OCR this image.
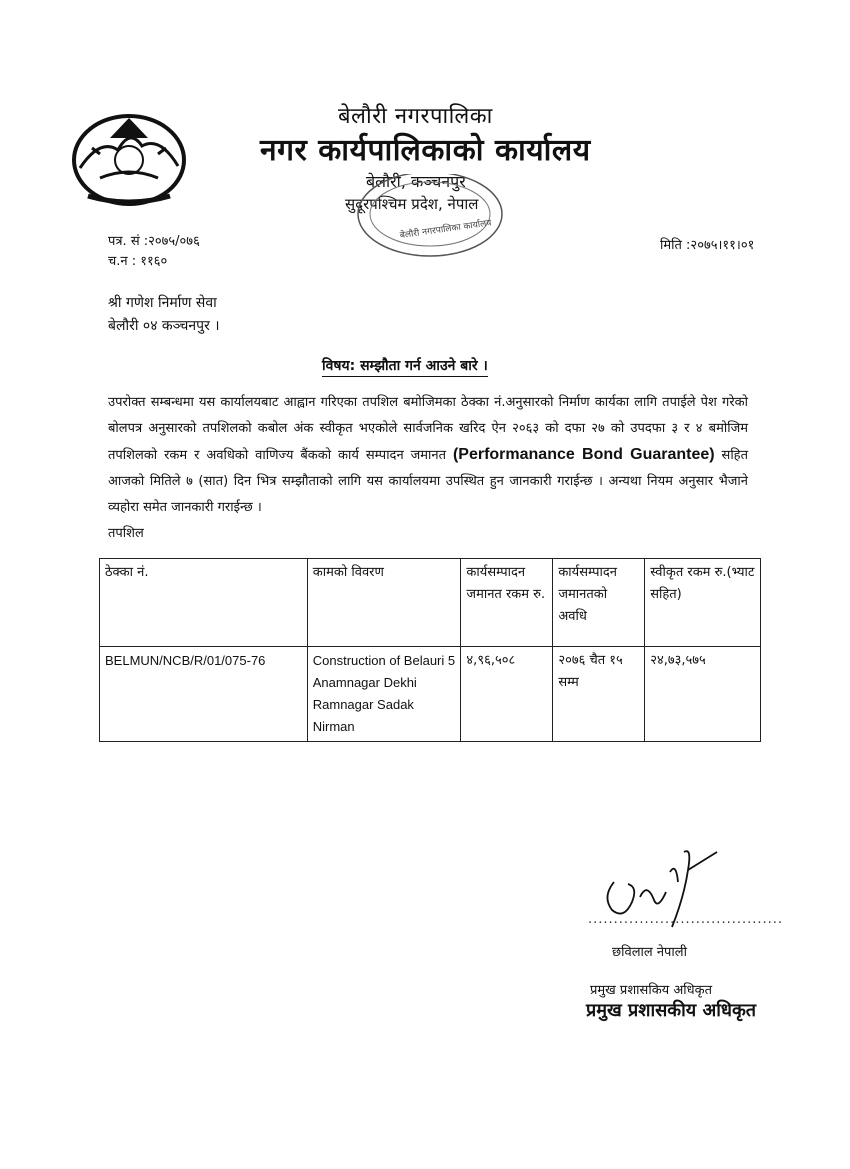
बेलौरी नगरपालिका
नगर कार्यपालिकाको कार्यालय
बेलौरी, कञ्चनपुर
सुदूरपश्चिम प्रदेश, नेपाल
बेलौरी नगरपालिका कार्यालय
पत्र. सं :२०७५/०७६
च.न : ११६०
मिति :२०७५।११।०१
श्री गणेश निर्माण सेवा
बेलौरी ०४ कञ्चनपुर ।
विषय: सम्झौता गर्न आउने बारे ।
उपरोक्त सम्बन्धमा यस कार्यालयबाट आह्वान गरिएका तपशिल बमोजिमका ठेक्का नं.अनुसारको निर्माण कार्यका लागि तपाईले पेश गरेको बोलपत्र अनुसारको तपशिलको कबोल अंक स्वीकृत भएकोले सार्वजनिक खरिद ऐन २०६३ को दफा २७ को उपदफा ३ र ४ बमोजिम तपशिलको रकम र अवधिको वाणिज्य बैंकको कार्य सम्पादन जमानत (Performanance Bond Guarantee) सहित आजको मितिले ७ (सात) दिन भित्र सम्झौताको लागि यस कार्यालयमा उपस्थित हुन जानकारी गराईन्छ । अन्यथा नियम अनुसार भैजाने व्यहोरा समेत जानकारी गराईन्छ ।
तपशिल
ठेक्का नं.	कामको विवरण	कार्यसम्पादन जमानत रकम रु.	कार्यसम्पादन जमानतको अवधि	स्वीकृत रकम रु.(भ्याट सहित)
BELMUN/NCB/R/01/075-76	Construction of Belauri 5 Anamnagar Dekhi Ramnagar Sadak Nirman	४,९६,५०८	२०७६ चैत १५ सम्म	२४,७३,५७५
......................................
छविलाल नेपाली
प्रमुख प्रशासकिय अधिकृत
प्रमुख प्रशासकीय अधिकृत
